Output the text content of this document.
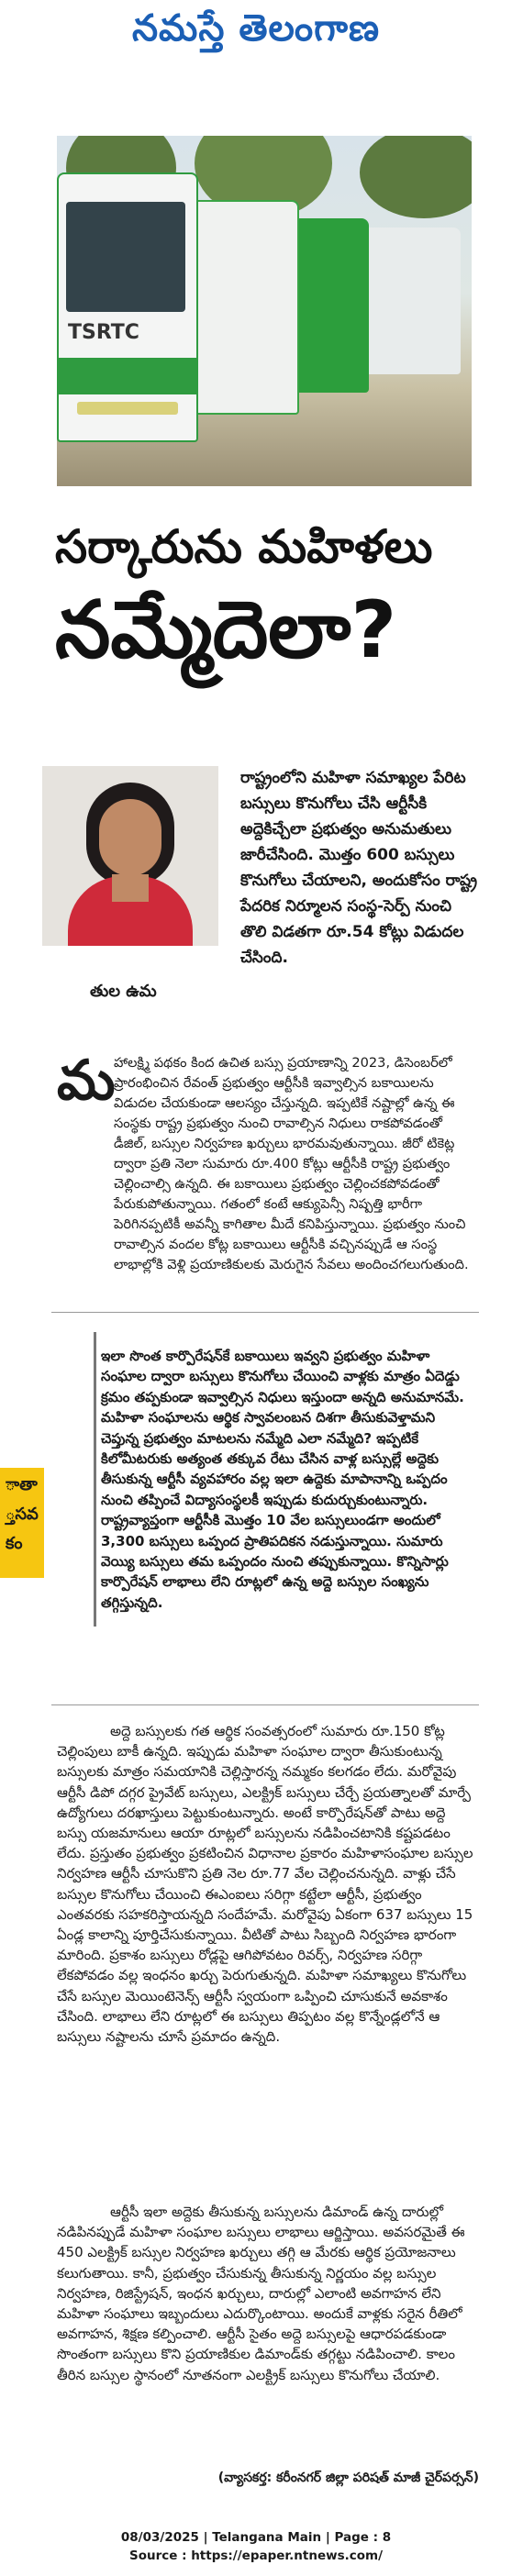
నమస్తే తెలంగాణ
TSRTC
సర్కారును మహిళలు
నమ్మేదెలా?
తుల ఉమ

రాష్ట్రంలోని మహిళా సమాఖ్యల పేరిట బస్సులు కొనుగోలు చేసి ఆర్టీసీకి అద్దెకిచ్చేలా ప్రభుత్వం అనుమతులు జారీచేసింది. మొత్తం 600 బస్సులు కొనుగోలు చేయాలని, అందుకోసం రాష్ట్ర పేదరిక నిర్మూలన సంస్థ-సెర్ప్ నుంచి తొలి విడతగా రూ.54 కోట్లు విడుదల చేసింది.

మ
హాలక్ష్మి పథకం కింద ఉచిత బస్సు ప్రయాణాన్ని 2023, డిసెంబర్‌లో ప్రారంభించిన రేవంత్ ప్రభుత్వం ఆర్టీసీకి ఇవ్వాల్సిన బకాయిలను విడుదల చేయకుండా ఆలస్యం చేస్తున్నది. ఇప్పటికే నష్టాల్లో ఉన్న ఈ సంస్థకు రాష్ట్ర ప్రభుత్వం నుంచి రావాల్సిన నిధులు రాకపోవడంతో డీజిల్, బస్సుల నిర్వహణ ఖర్చులు భారమవుతున్నాయి. జీరో టికెట్ల ద్వారా ప్రతి నెలా సుమారు రూ.400 కోట్లు ఆర్టీసీకి రాష్ట్ర ప్రభుత్వం చెల్లించాల్సి ఉన్నది. ఈ బకాయిలు ప్రభుత్వం చెల్లించకపోవడంతో పేరుకుపోతున్నాయి. గతంలో కంటే ఆక్యుపెన్సీ నిష్పత్తి భారీగా పెరిగినప్పటికీ అవన్నీ కాగితాల మీదే కనిపిస్తున్నాయి. ప్రభుత్వం నుంచి రావాల్సిన వందల కోట్ల బకాయిలు ఆర్టీసీకి వచ్చినప్పుడే ఆ సంస్థ లాభాల్లోకి వెళ్లి ప్రయాణికులకు మెరుగైన సేవలు అందించగలుగుతుంది.
ాతా
్తసవ
కం

ఇలా సొంత కార్పొరేషన్‌కే బకాయిలు ఇవ్వని ప్రభుత్వం మహిళా సంఘాల ద్వారా బస్సులు కొనుగోలు చేయించి వాళ్లకు మాత్రం ఏదెడ్డు క్రమం తప్పకుండా ఇవ్వాల్సిన నిధులు ఇస్తుందా అన్నది అనుమానమే. మహిళా సంఘాలను ఆర్థిక స్వావలంబన దిశగా తీసుకువెళ్తామని చెప్తున్న ప్రభుత్వం మాటలను నమ్మేది ఎలా నమ్మేది? ఇప్పటికే కిలోమీటరుకు అత్యంత తక్కువ రేటు చేసిన వాళ్ల బస్సుల్లే అద్దెకు తీసుకున్న ఆర్టీసీ వ్యవహారం వల్ల ఇలా ఉద్దెకు మాపానాన్ని ఒప్పదం నుంచి తప్పించే విద్యాసంస్థలకీ ఇప్పుడు కుదుర్చుకుంటున్నారు. రాష్ట్రవ్యాప్తంగా ఆర్టీసీకి మొత్తం 10 వేల బస్సులుండగా అందులో 3,300 బస్సులు ఒప్పంద ప్రాతిపదికన నడుస్తున్నాయి. సుమారు వెయ్యి బస్సులు తమ ఒప్పందం నుంచి తప్పుకున్నాయి. కొన్నిసార్లు కార్పొరేషన్ లాభాలు లేని రూట్లలో ఉన్న అద్దె బస్సుల సంఖ్యను తగ్గిస్తున్నది.

అద్దె బస్సులకు గత ఆర్థిక సంవత్సరంలో సుమారు రూ.150 కోట్ల చెల్లింపులు బాకీ ఉన్నది. ఇప్పుడు మహిళా సంఘాల ద్వారా తీసుకుంటున్న బస్సులకు మాత్రం సమయానికి చెల్లిస్తారన్న నమ్మకం కలగడం లేదు. మరోవైపు ఆర్టీసీ డిపో దగ్గర ప్రైవేట్ బస్సులు, ఎలక్ట్రిక్ బస్సులు చేర్చే ప్రయత్నాలతో మార్పే ఉద్యోగులు దరఖాస్తులు పెట్టుకుంటున్నారు. అంటే కార్పొరేషన్‌తో పాటు అద్దె బస్సు యజమానులు ఆయా రూట్లలో బస్సులను నడిపించటానికి కష్టపడటం లేదు. ప్రస్తుతం ప్రభుత్వం ప్రకటించిన విధానాల ప్రకారం మహిళాసంఘాల బస్సుల నిర్వహణ ఆర్టీసీ చూసుకొని ప్రతి నెల రూ.77 వేల చెల్లించనున్నది. వాళ్లు చేసే బస్సుల కొనుగోలు చేయించి ఈఎంఐలు సరిగ్గా కట్టేలా ఆర్టీసీ, ప్రభుత్వం ఎంతవరకు సహకరిస్తాయన్నది సందేహమే. మరోవైపు ఏకంగా 637 బస్సులు 15 ఏండ్ల కాలాన్ని పూర్తిచేసుకున్నాయి. వీటితో పాటు సిబ్బంది నిర్వహణ భారంగా మారింది. ప్రకాశం బస్సులు రోడ్లపై ఆగిపోవటం రివర్స్, నిర్వహణ సరిగ్గా లేకపోవడం వల్ల ఇంధనం ఖర్చు పెరుగుతున్నది. మహిళా సమాఖ్యలు కొనుగోలు చేసే బస్సుల మెయింటెనెన్స్ ఆర్టీసీ స్వయంగా ఒప్పించి చూసుకునే అవకాశం చేసింది. లాభాలు లేని రూట్లలో ఈ బస్సులు తిప్పటం వల్ల కొన్నేండ్లలోనే ఆ బస్సులు నష్టాలను చూసే ప్రమాదం ఉన్నది.
ఆర్టీసీ ఇలా అద్దెకు తీసుకున్న బస్సులను డిమాండ్ ఉన్న దారుల్లో నడిపినప్పుడే మహిళా సంఘాల బస్సులు లాభాలు ఆర్జిస్తాయి. అవసరమైతే ఈ 450 ఎలక్ట్రిక్ బస్సుల నిర్వహణ ఖర్చులు తగ్గి ఆ మేరకు ఆర్థిక ప్రయోజనాలు కలుగుతాయి. కానీ, ప్రభుత్వం చేసుకున్న తీసుకున్న నిర్ణయం వల్ల బస్సుల నిర్వహణ, రిజిస్ట్రేషన్, ఇంధన ఖర్చులు, దారుల్లో ఎలాంటి అవగాహన లేని మహిళా సంఘాలు ఇబ్బందులు ఎదుర్కొంటాయి. అందుకే వాళ్లకు సరైన రీతిలో అవగాహన, శిక్షణ కల్పించాలి. ఆర్టీసీ సైతం అద్దె బస్సులపై ఆధారపడకుండా సొంతంగా బస్సులు కొని ప్రయాణికుల డిమాండ్‌కు తగ్గట్టు నడిపించాలి. కాలం తీరిన బస్సుల స్థానంలో నూతనంగా ఎలక్ట్రిక్ బస్సులు కొనుగోలు చేయాలి.
(వ్యాసకర్త: కరీంనగర్ జిల్లా పరిషత్ మాజీ చైర్‌పర్సన్)
08/03/2025 | Telangana Main | Page : 8
Source : https://epaper.ntnews.com/
